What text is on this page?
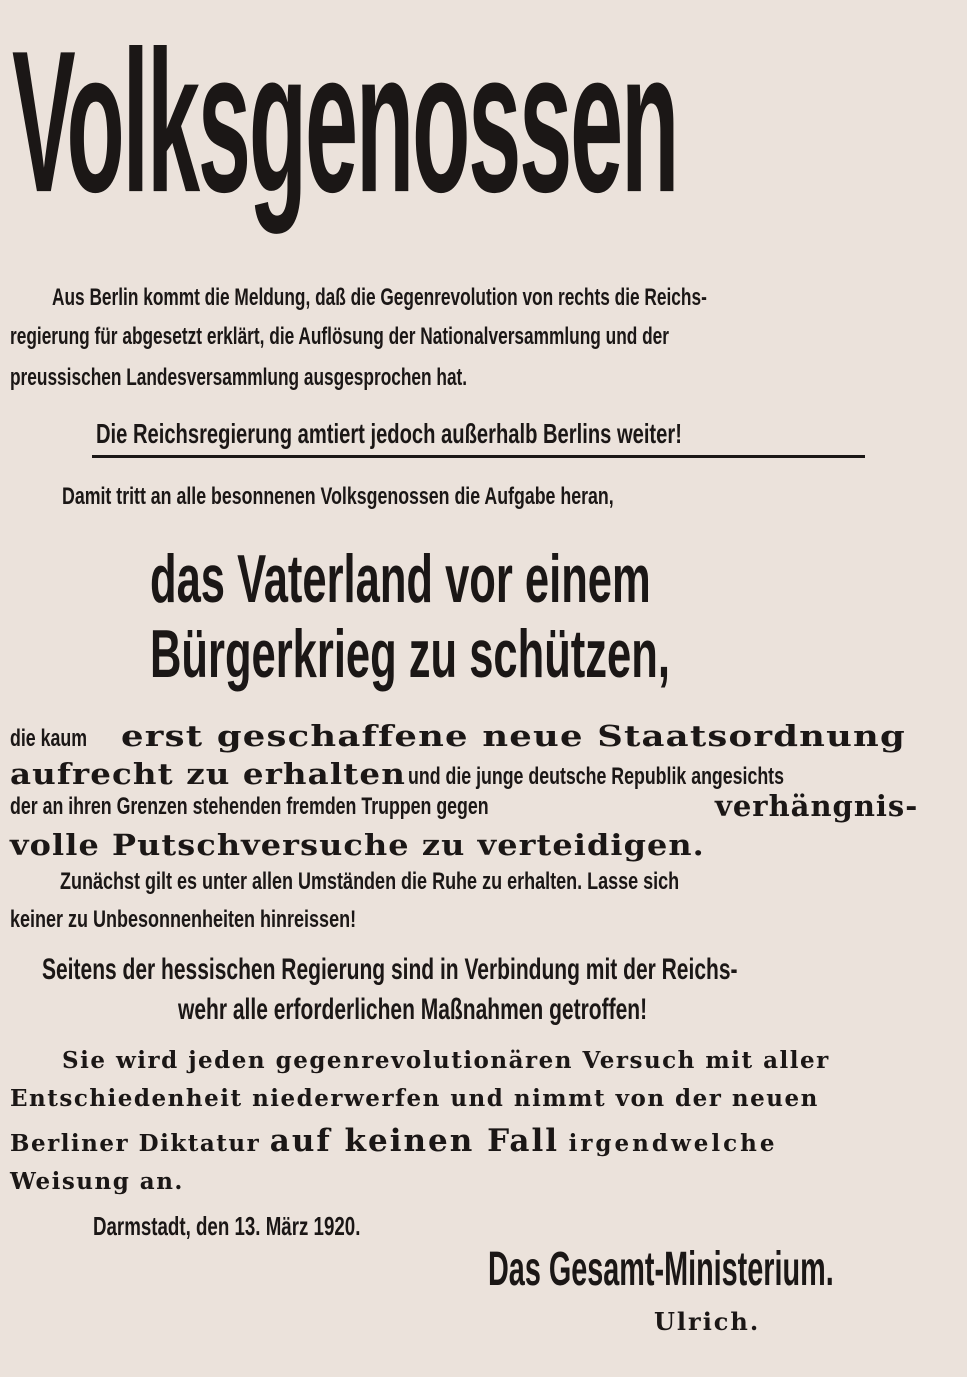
Volksgenossen
Aus Berlin kommt die Meldung, daß die Gegenrevolution von rechts die Reichs-
regierung für abgesetzt erklärt, die Auflösung der Nationalversammlung und der
preussischen Landesversammlung ausgesprochen hat.
Die Reichsregierung amtiert jedoch außerhalb Berlins weiter!
Damit tritt an alle besonnenen Volksgenossen die Aufgabe heran,
das Vaterland vor einem
Bürgerkrieg zu schützen,
die kaum erst geschaffene neue Staatsordnung
aufrecht zu erhalten und die junge deutsche Republik angesichts
der an ihren Grenzen stehenden fremden Truppen gegen	verhängnis-
volle Putschversuche zu verteidigen.
Zunächst gilt es unter allen Umständen die Ruhe zu erhalten. Lasse sich
keiner zu Unbesonnenheiten hinreissen!
Seitens der hessischen Regierung sind in Verbindung mit der Reichs-
wehr alle erforderlichen Maßnahmen getroffen!
Sie wird jeden gegenrevolutionären Versuch mit aller
Entschiedenheit niederwerfen und nimmt von der neuen
Berliner Diktatur auf keinen Fall irgendwelche
Weisung an.
Darmstadt, den 13. März 1920.
Das Gesamt-Ministerium.
Ulrich.
